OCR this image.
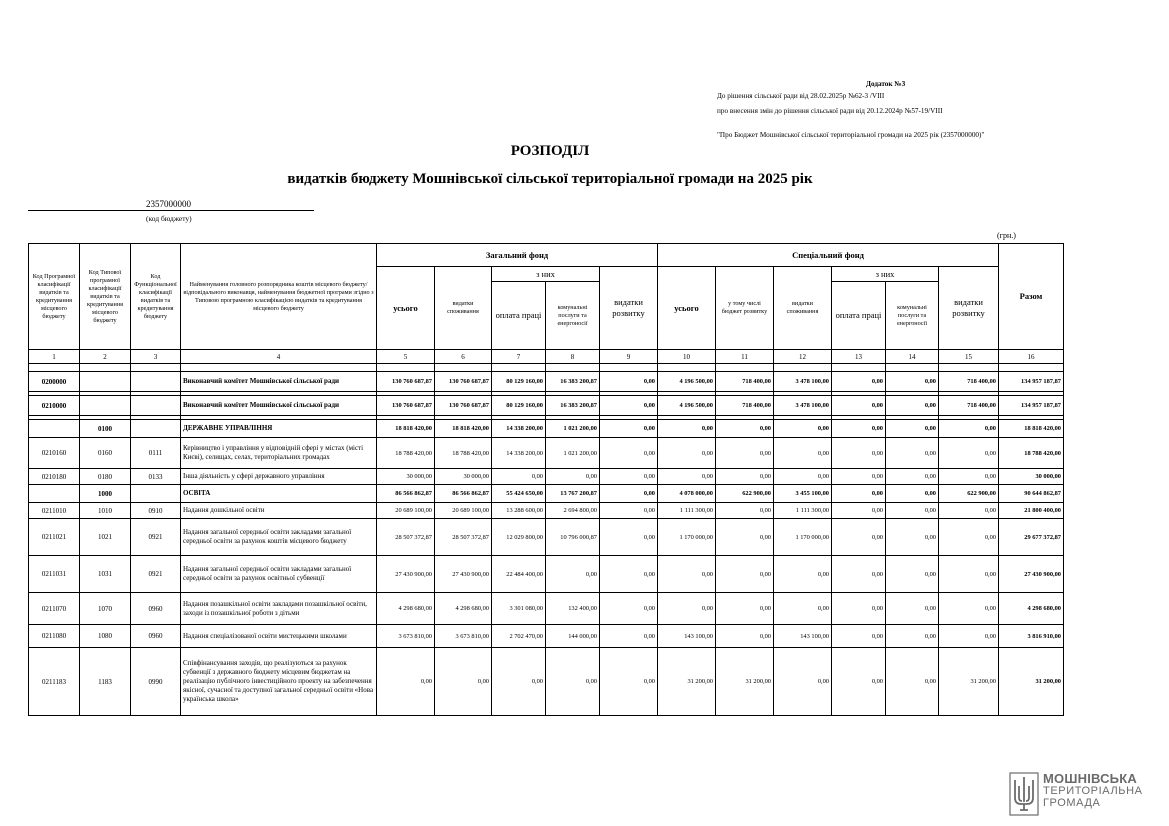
Додаток №3
До рішення сільської ради від 28.02.2025р №62-3 /VIII
про внесення змін до рішення сільської ради від 20.12.2024р №57-19/VIII
"Про Бюджет Мошнівської сільської територіальної громади на 2025 рік (2357000000)"
РОЗПОДІЛ
видатків бюджету Мошнівської сільської територіальної громади на 2025 рік
2357000000
(код бюджету)
(грн.)
Код Програмної класифікації видатків та кредитування місцевого бюджету	Код Типової програмної класифікації видатків та кредитування місцевого бюджету	Код Функціональної класифікації видатків та кредитування бюджету	Найменування головного розпорядника коштів місцевого бюджету/ відповідального виконавця, найменування бюджетної програми згідно з Типовою програмною класифікацією видатків та кредитування місцевого бюджету	Загальний фонд					Спеціальний фонд						Разом
				усього	видатки споживання	з них		видатки розвитку	усього	у тому числі бюджет розвитку	видатки споживання	з них		видатки розвитку	
						оплата праці	комунальні послуги та енергоносії					оплата праці	комунальні послуги та енергоносії		
1	2	3	4	5	6	7	8	9	10	11	12	13	14	15	16

0200000			Виконавчий комітет Мошнівської сільської ради	130 760 687,87	130 760 687,87	80 129 160,00	16 383 200,87	0,00	4 196 500,00	718 400,00	3 478 100,00	0,00	0,00	718 400,00	134 957 187,87

0210000			Виконавчий комітет Мошнівської сільської ради	130 760 687,87	130 760 687,87	80 129 160,00	16 383 200,87	0,00	4 196 500,00	718 400,00	3 478 100,00	0,00	0,00	718 400,00	134 957 187,87

	0100		ДЕРЖАВНЕ УПРАВЛІННЯ	18 818 420,00	18 818 420,00	14 338 200,00	1 021 200,00	0,00	0,00	0,00	0,00	0,00	0,00	0,00	18 818 420,00
0210160	0160	0111	Керівництво і управління у відповідній сфері у містах (місті Києві), селищах, селах, територіальних громадах	18 788 420,00	18 788 420,00	14 338 200,00	1 021 200,00	0,00	0,00	0,00	0,00	0,00	0,00	0,00	18 788 420,00
0210180	0180	0133	Інша діяльність у сфері державного управління	30 000,00	30 000,00	0,00	0,00	0,00	0,00	0,00	0,00	0,00	0,00	0,00	30 000,00
	1000		ОСВІТА	86 566 862,87	86 566 862,87	55 424 650,00	13 767 200,87	0,00	4 078 000,00	622 900,00	3 455 100,00	0,00	0,00	622 900,00	90 644 862,87
0211010	1010	0910	Надання дошкільної освіти	20 689 100,00	20 689 100,00	13 288 600,00	2 694 800,00	0,00	1 111 300,00	0,00	1 111 300,00	0,00	0,00	0,00	21 800 400,00
0211021	1021	0921	Надання загальної середньої освіти закладами загальної середньої освіти за рахунок коштів місцевого бюджету	28 507 372,87	28 507 372,87	12 029 800,00	10 796 000,87	0,00	1 170 000,00	0,00	1 170 000,00	0,00	0,00	0,00	29 677 372,87
0211031	1031	0921	Надання загальної середньої освіти закладами загальної середньої освіти за рахунок освітньої субвенції	27 430 900,00	27 430 900,00	22 484 400,00	0,00	0,00	0,00	0,00	0,00	0,00	0,00	0,00	27 430 900,00
0211070	1070	0960	Надання позашкільної освіти закладами позашкільної освіти, заходи із позашкільної роботи з дітьми	4 298 680,00	4 298 680,00	3 301 080,00	132 400,00	0,00	0,00	0,00	0,00	0,00	0,00	0,00	4 298 680,00
0211080	1080	0960	Надання спеціалізованої освіти мистецькими школами	3 673 810,00	3 673 810,00	2 702 470,00	144 000,00	0,00	143 100,00	0,00	143 100,00	0,00	0,00	0,00	3 816 910,00
0211183	1183	0990	Співфінансування заходів, що реалізуються за рахунок субвенції з державного бюджету місцевим бюджетам на реалізацію публічного інвестиційного проекту на забезпечення якісної, сучасної та доступної загальної середньої освіти «Нова українська школа»	0,00	0,00	0,00	0,00	0,00	31 200,00	31 200,00	0,00	0,00	0,00	31 200,00	31 200,00
МОШНІВСЬКА
ТЕРИТОРІАЛЬНА
ГРОМАДА
